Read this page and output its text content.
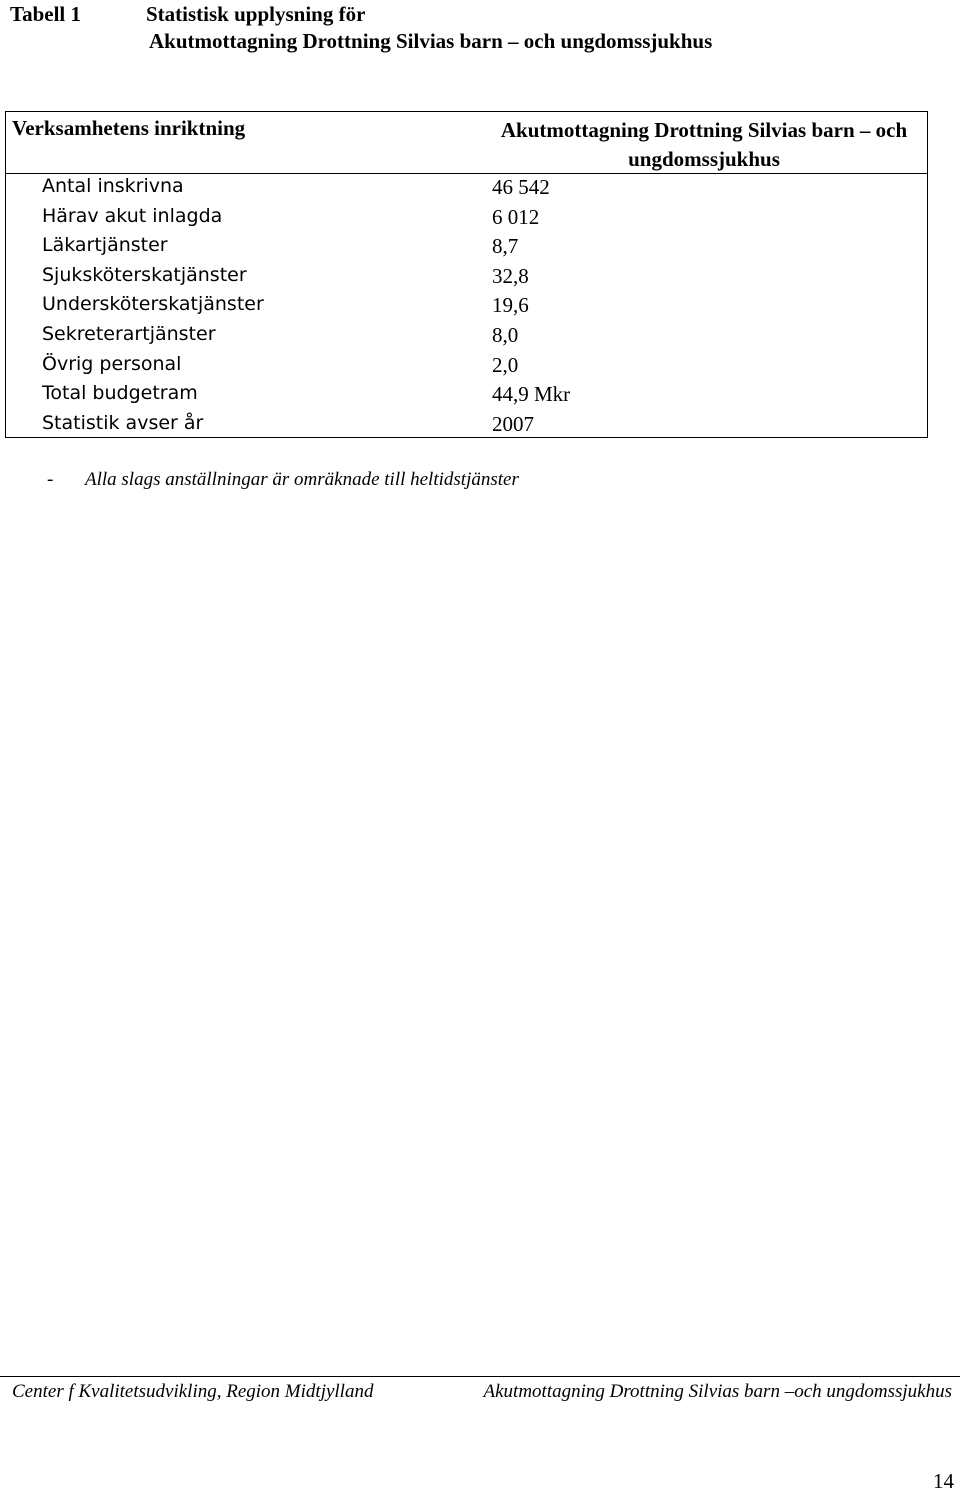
Tabell 1	Statistisk upplysning för
Akutmottagning Drottning Silvias barn – och ungdomssjukhus
Verksamhetens inriktning	Akutmottagning Drottning Silvias barn – och ungdomssjukhus
Antal inskrivna	46 542
Härav akut inlagda	6 012
Läkartjänster	8,7
Sjuksköterskatjänster	32,8
Undersköterskatjänster	19,6
Sekreterartjänster	8,0
Övrig personal	2,0
Total budgetram	44,9 Mkr
Statistik avser år	2007
- Alla slags anställningar är omräknade till heltidstjänster
Center f Kvalitetsudvikling, Region Midtjylland	Akutmottagning Drottning Silvias barn –och ungdomssjukhus
14
